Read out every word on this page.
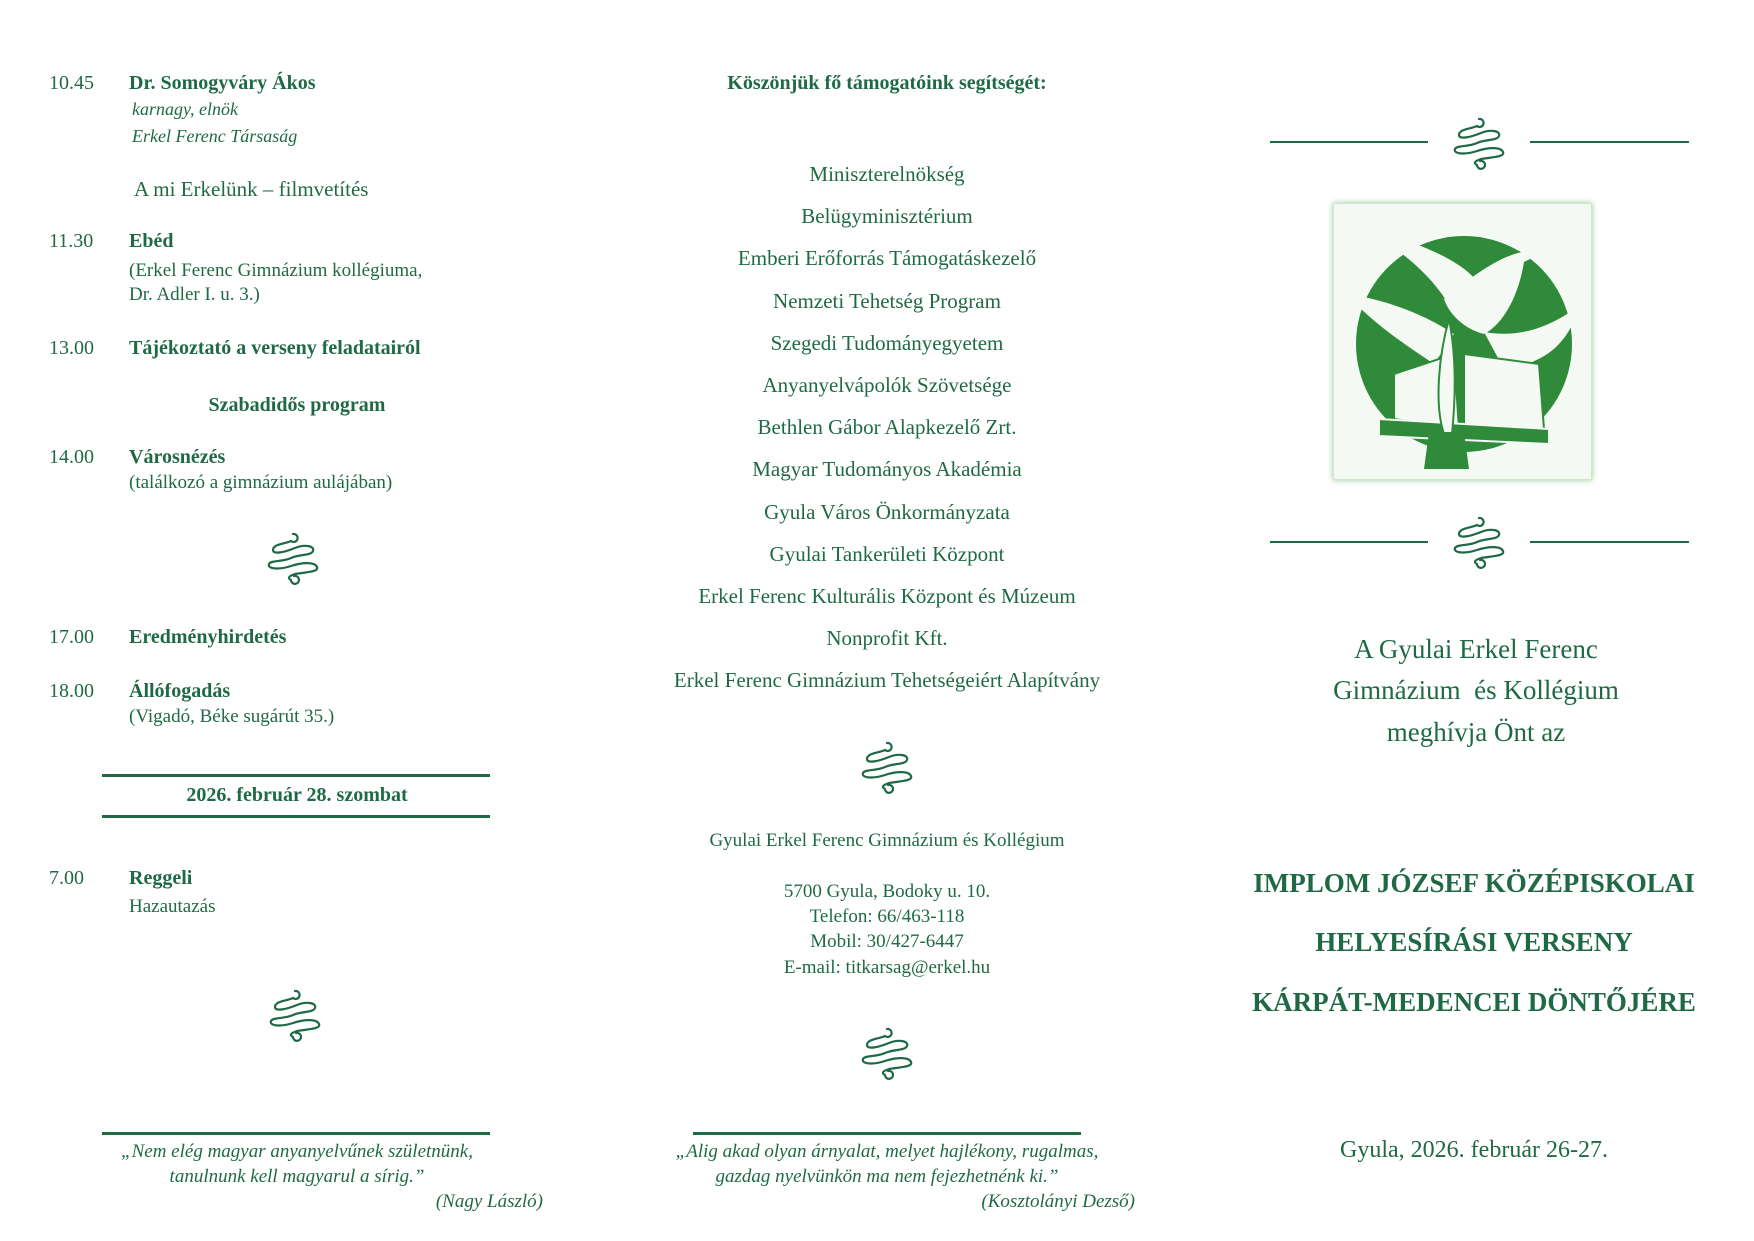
10.45 Dr. Somogyváry Ákos
karnagy, elnök
Erkel Ferenc Társaság
A mi Erkelünk – filmvetítés
11.30 Ebéd
(Erkel Ferenc Gimnázium kollégiuma,
Dr. Adler I. u. 3.)
13.00 Tájékoztató a verseny feladatairól
Szabadidős program
14.00 Városnézés
(találkozó a gimnázium aulájában)
17.00 Eredményhirdetés
18.00 Állófogadás
(Vigadó, Béke sugárút 35.)
2026. február 28. szombat
7.00 Reggeli
Hazautazás
„Nem elég magyar anyanyelvűnek születnünk,
tanulnunk kell magyarul a sírig.”
(Nagy László)
Köszönjük fő támogatóink segítségét:
Miniszterelnökség
Belügyminisztérium
Emberi Erőforrás Támogatáskezelő
Nemzeti Tehetség Program
Szegedi Tudományegyetem
Anyanyelvápolók Szövetsége
Bethlen Gábor Alapkezelő Zrt.
Magyar Tudományos Akadémia
Gyula Város Önkormányzata
Gyulai Tankerületi Központ
Erkel Ferenc Kulturális Központ és Múzeum
Nonprofit Kft.
Erkel Ferenc Gimnázium Tehetségeiért Alapítvány
Gyulai Erkel Ferenc Gimnázium és Kollégium
5700 Gyula, Bodoky u. 10.
Telefon: 66/463-118
Mobil: 30/427-6447
E-mail: titkarsag@erkel.hu
„Alig akad olyan árnyalat, melyet hajlékony, rugalmas,
gazdag nyelvünkön ma nem fejezhetnénk ki.”
(Kosztolányi Dezső)
A Gyulai Erkel Ferenc
Gimnázium  és Kollégium
meghívja Önt az
IMPLOM JÓZSEF KÖZÉPISKOLAI
HELYESÍRÁSI VERSENY
KÁRPÁT-MEDENCEI DÖNTŐJÉRE
Gyula, 2026. február 26-27.
